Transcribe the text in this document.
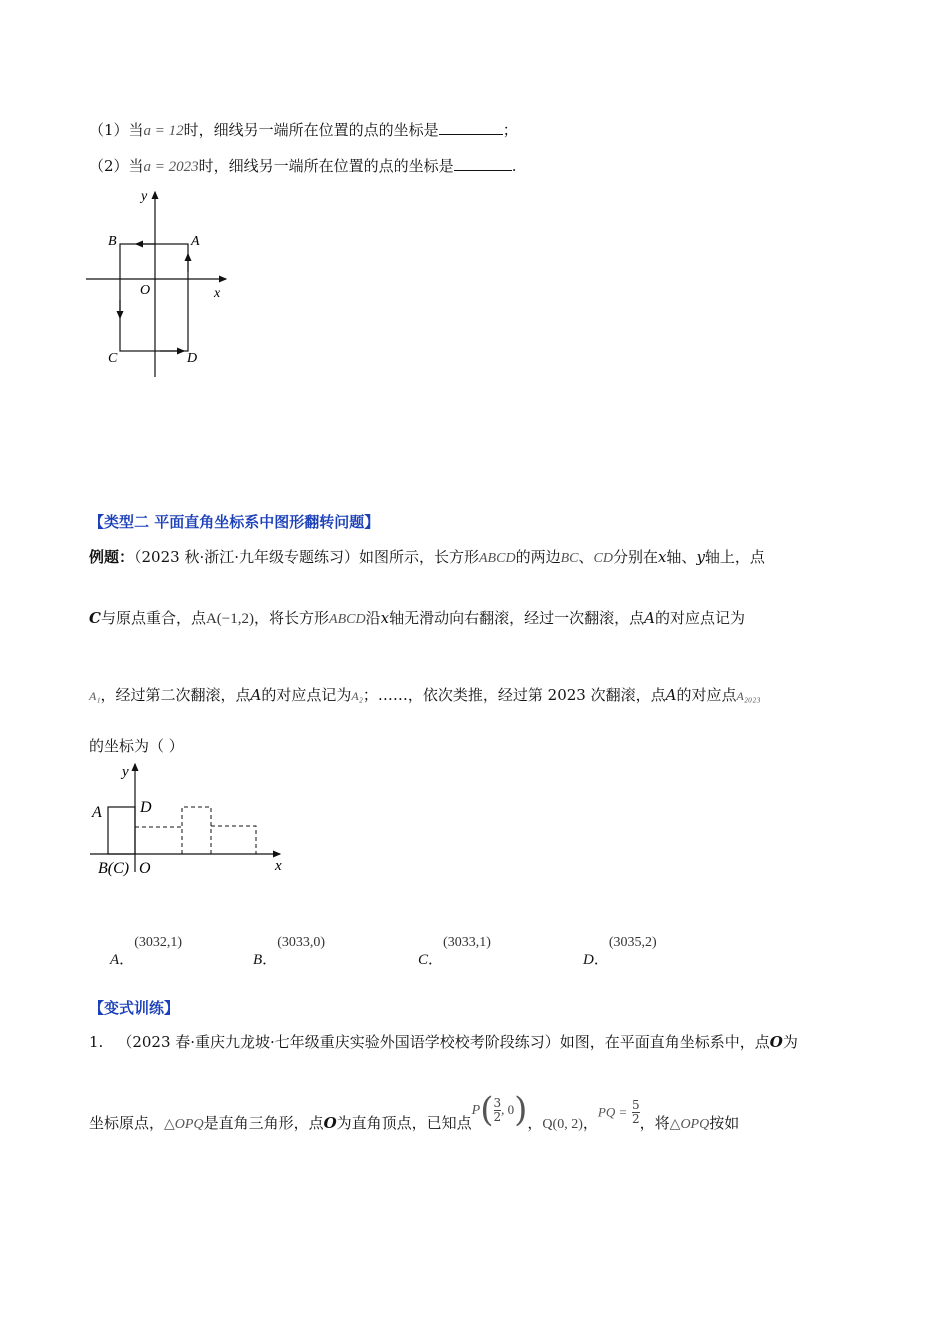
（1）当a = 12时，细线另一端所在位置的点的坐标是	；
（2）当a = 2023时，细线另一端所在位置的点的坐标是	.
y
x
O
A
B
C	D
【类型二 平面直角坐标系中图形翻转问题】
例题：（2023 秋·浙江·九年级专题练习）如图所示，长方形ABCD的两边BC、CD分别在x轴、y轴上，点
C与原点重合，点A(−1,2)，将长方形ABCD沿x轴无滑动向右翻滚，经过一次翻滚，点A的对应点记为
A₁，经过第二次翻滚，点A的对应点记为A₂；……，依次类推，经过第 2023 次翻滚，点A的对应点A₂₀₂₃
的坐标为（ ）
y
x
A D
B(C) O
A．(3032,1)
B．(3033,0)
C．(3033,1)
D．(3035,2)
【变式训练】
1. （2023 春·重庆九龙坡·七年级重庆实验外国语学校校考阶段练习）如图，在平面直角坐标系中，点O为
坐标原点，△OPQ是直角三角形，点O为直角顶点，已知点$P(\frac{3}{2}$, 0)，Q(0, 2)，PQ = $\frac{5}{2}$，将△OPQ按如
